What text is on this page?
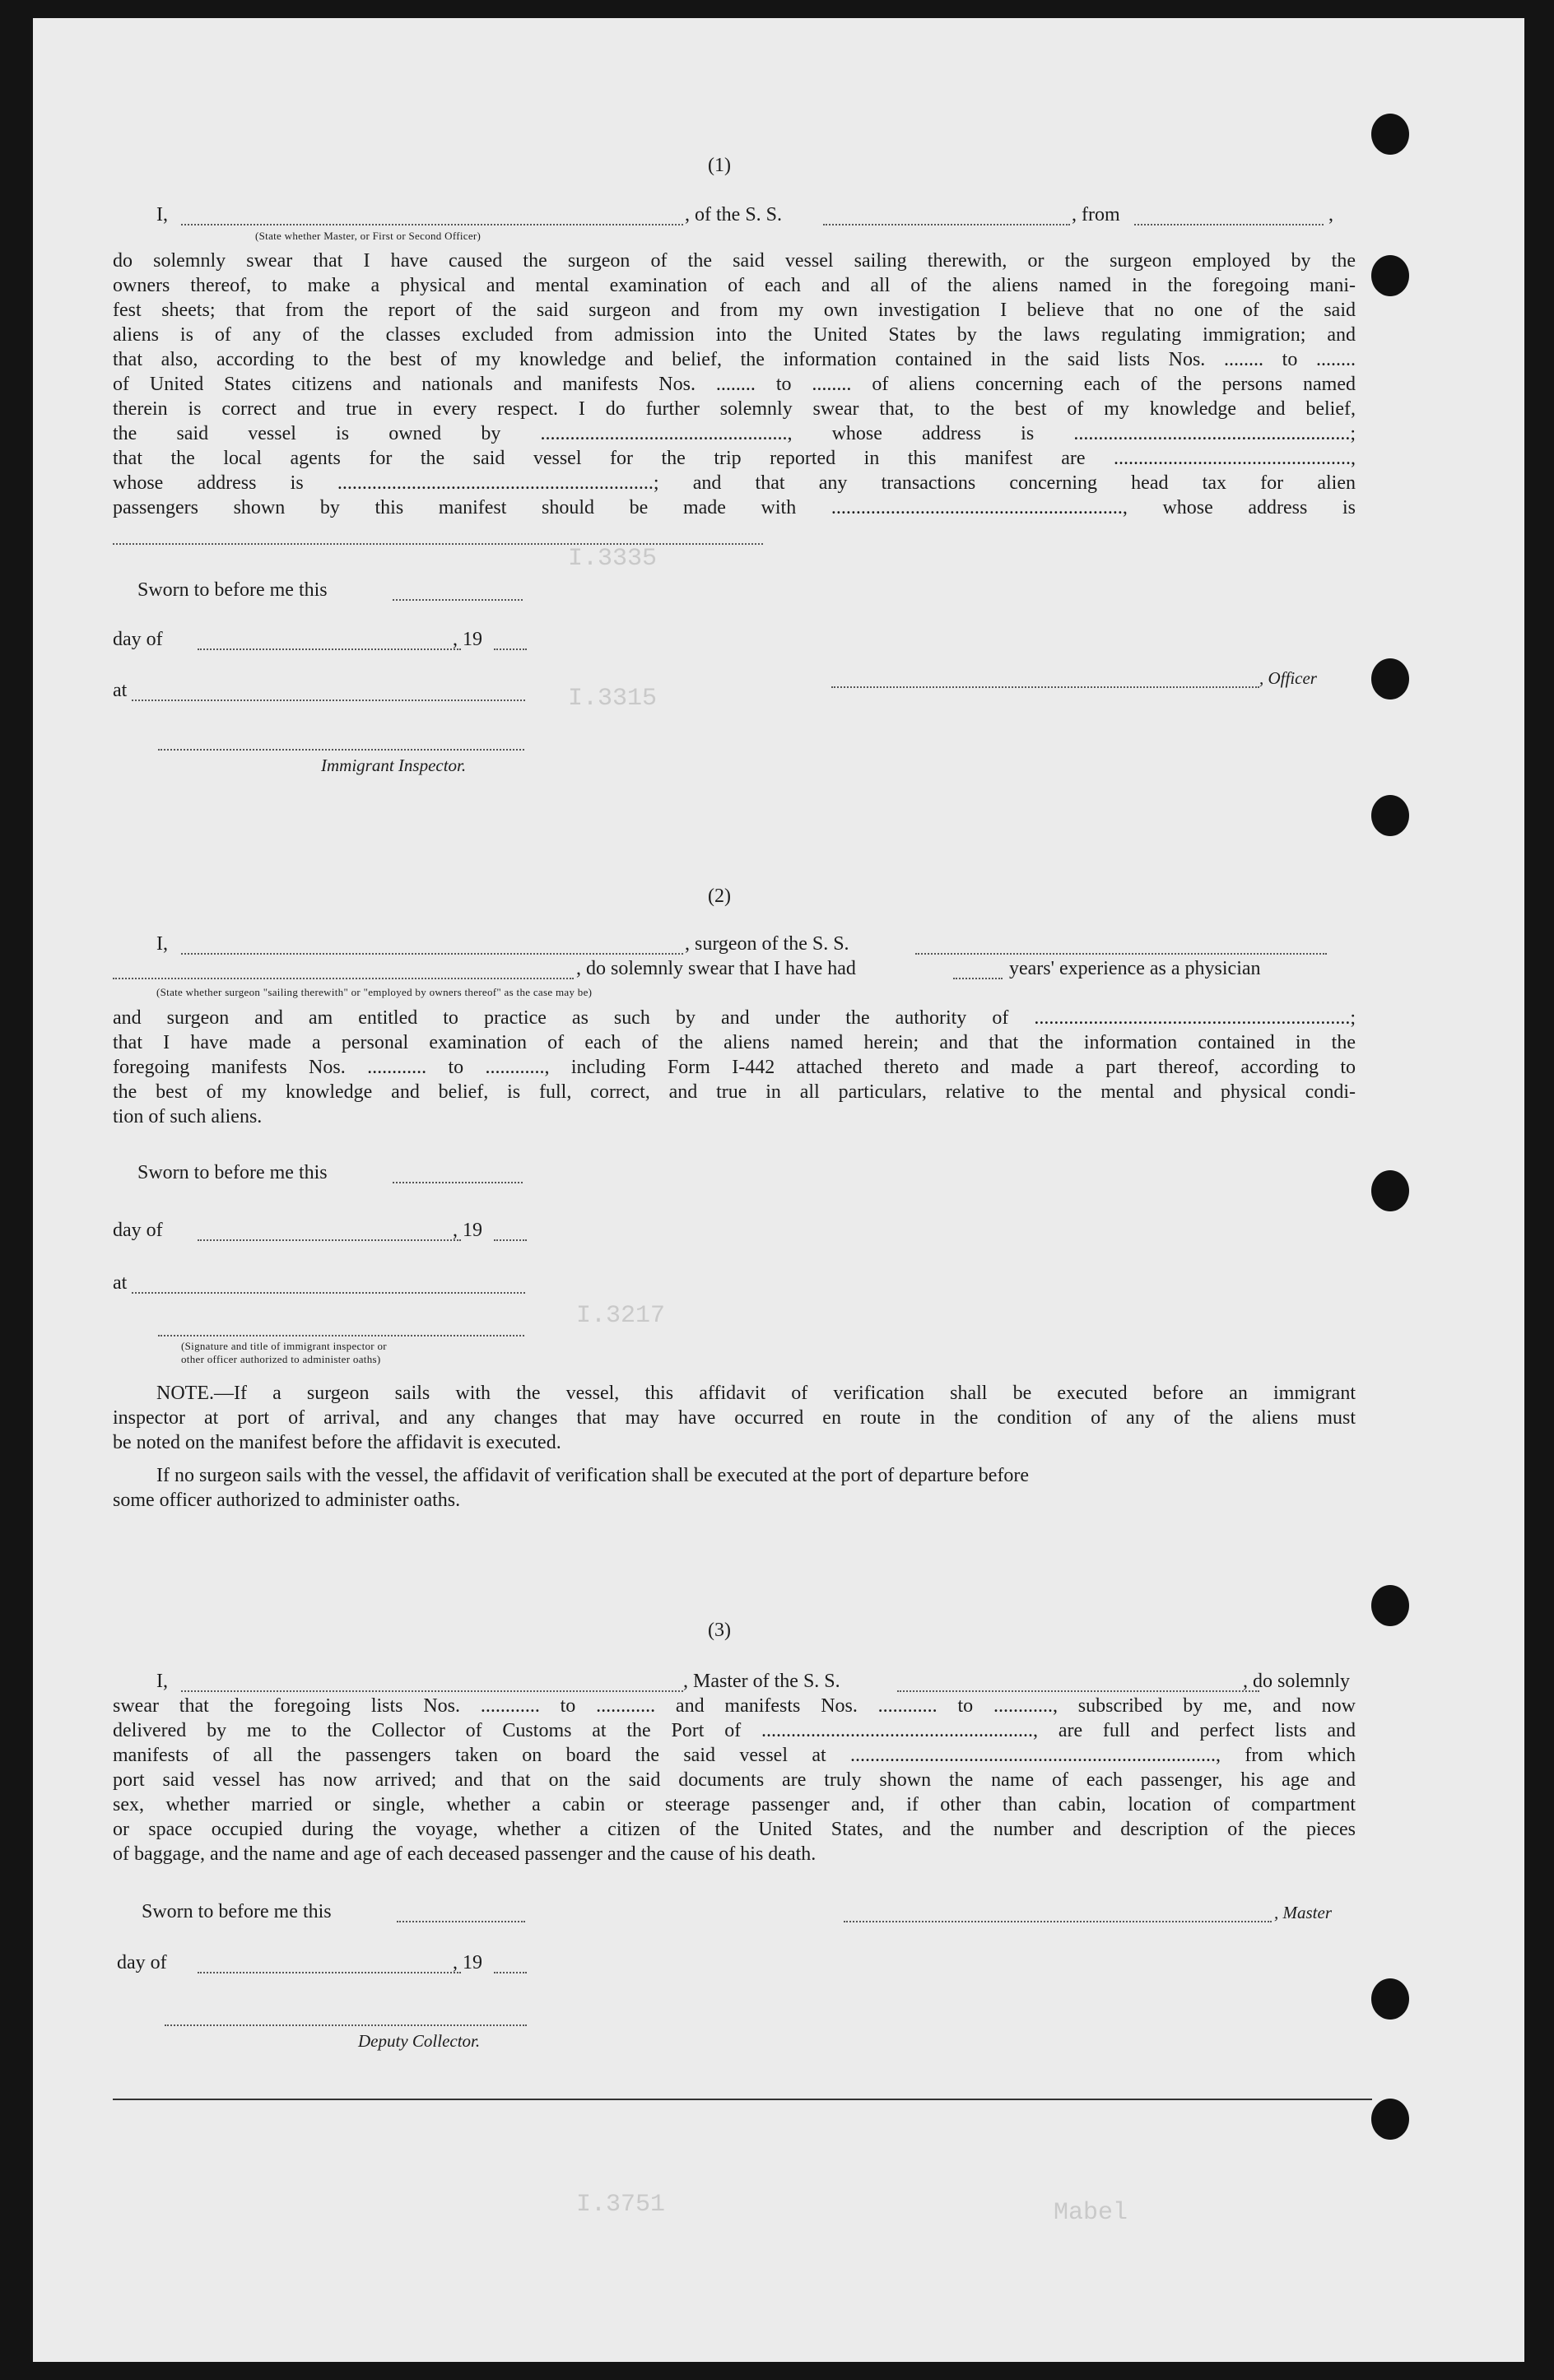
I.3335
I.3315
I.3217
I.3751	Mabel
(1)
I,	, of the S. S.	, from	,
(State whether Master, or First or Second Officer)
do solemnly swear that I have caused the surgeon of the said vessel sailing therewith, or the surgeon employed by the
owners thereof, to make a physical and mental examination of each and all of the aliens named in the foregoing mani-
fest sheets; that from the report of the said surgeon and from my own investigation I believe that no one of the said
aliens is of any of the classes excluded from admission into the United States by the laws regulating immigration; and
that also, according to the best of my knowledge and belief, the information contained in the said lists Nos. ........ to ........
of United States citizens and nationals and manifests Nos. ........ to ........ of aliens concerning each of the persons named
therein is correct and true in every respect. I do further solemnly swear that, to the best of my knowledge and belief,
the said vessel is owned by .................................................., whose address is ........................................................;
that the local agents for the said vessel for the trip reported in this manifest are ................................................,
whose address is ................................................................; and that any transactions concerning head tax for alien
passengers shown by this manifest should be made with ..........................................................., whose address is
Sworn to before me this
day of	, 19
at
Immigrant Inspector.
, Officer
(2)
I,	, surgeon of the S. S.
, do solemnly swear that I have had	years' experience as a physician
(State whether surgeon "sailing therewith" or "employed by owners thereof" as the case may be)
and surgeon and am entitled to practice as such by and under the authority of ................................................................;
that I have made a personal examination of each of the aliens named herein; and that the information contained in the
foregoing manifests Nos. ............ to ............, including Form I-442 attached thereto and made a part thereof, according to
the best of my knowledge and belief, is full, correct, and true in all particulars, relative to the mental and physical condi-
tion of such aliens.
Sworn to before me this
day of	, 19
at
(Signature and title of immigrant inspector or
other officer authorized to administer oaths)
NOTE.—If a surgeon sails with the vessel, this affidavit of verification shall be executed before an immigrant
inspector at port of arrival, and any changes that may have occurred en route in the condition of any of the aliens must
be noted on the manifest before the affidavit is executed.
If no surgeon sails with the vessel, the affidavit of verification shall be executed at the port of departure before
some officer authorized to administer oaths.
(3)
I,	, Master of the S. S.	, do solemnly
swear that the foregoing lists Nos. ............ to ............ and manifests Nos. ............ to ............, subscribed by me, and now
delivered by me to the Collector of Customs at the Port of ......................................................., are full and perfect lists and
manifests of all the passengers taken on board the said vessel at .........................................................................., from which
port said vessel has now arrived; and that on the said documents are truly shown the name of each passenger, his age and
sex, whether married or single, whether a cabin or steerage passenger and, if other than cabin, location of compartment
or space occupied during the voyage, whether a citizen of the United States, and the number and description of the pieces
of baggage, and the name and age of each deceased passenger and the cause of his death.
Sworn to before me this
day of	, 19
Deputy Collector.
, Master
